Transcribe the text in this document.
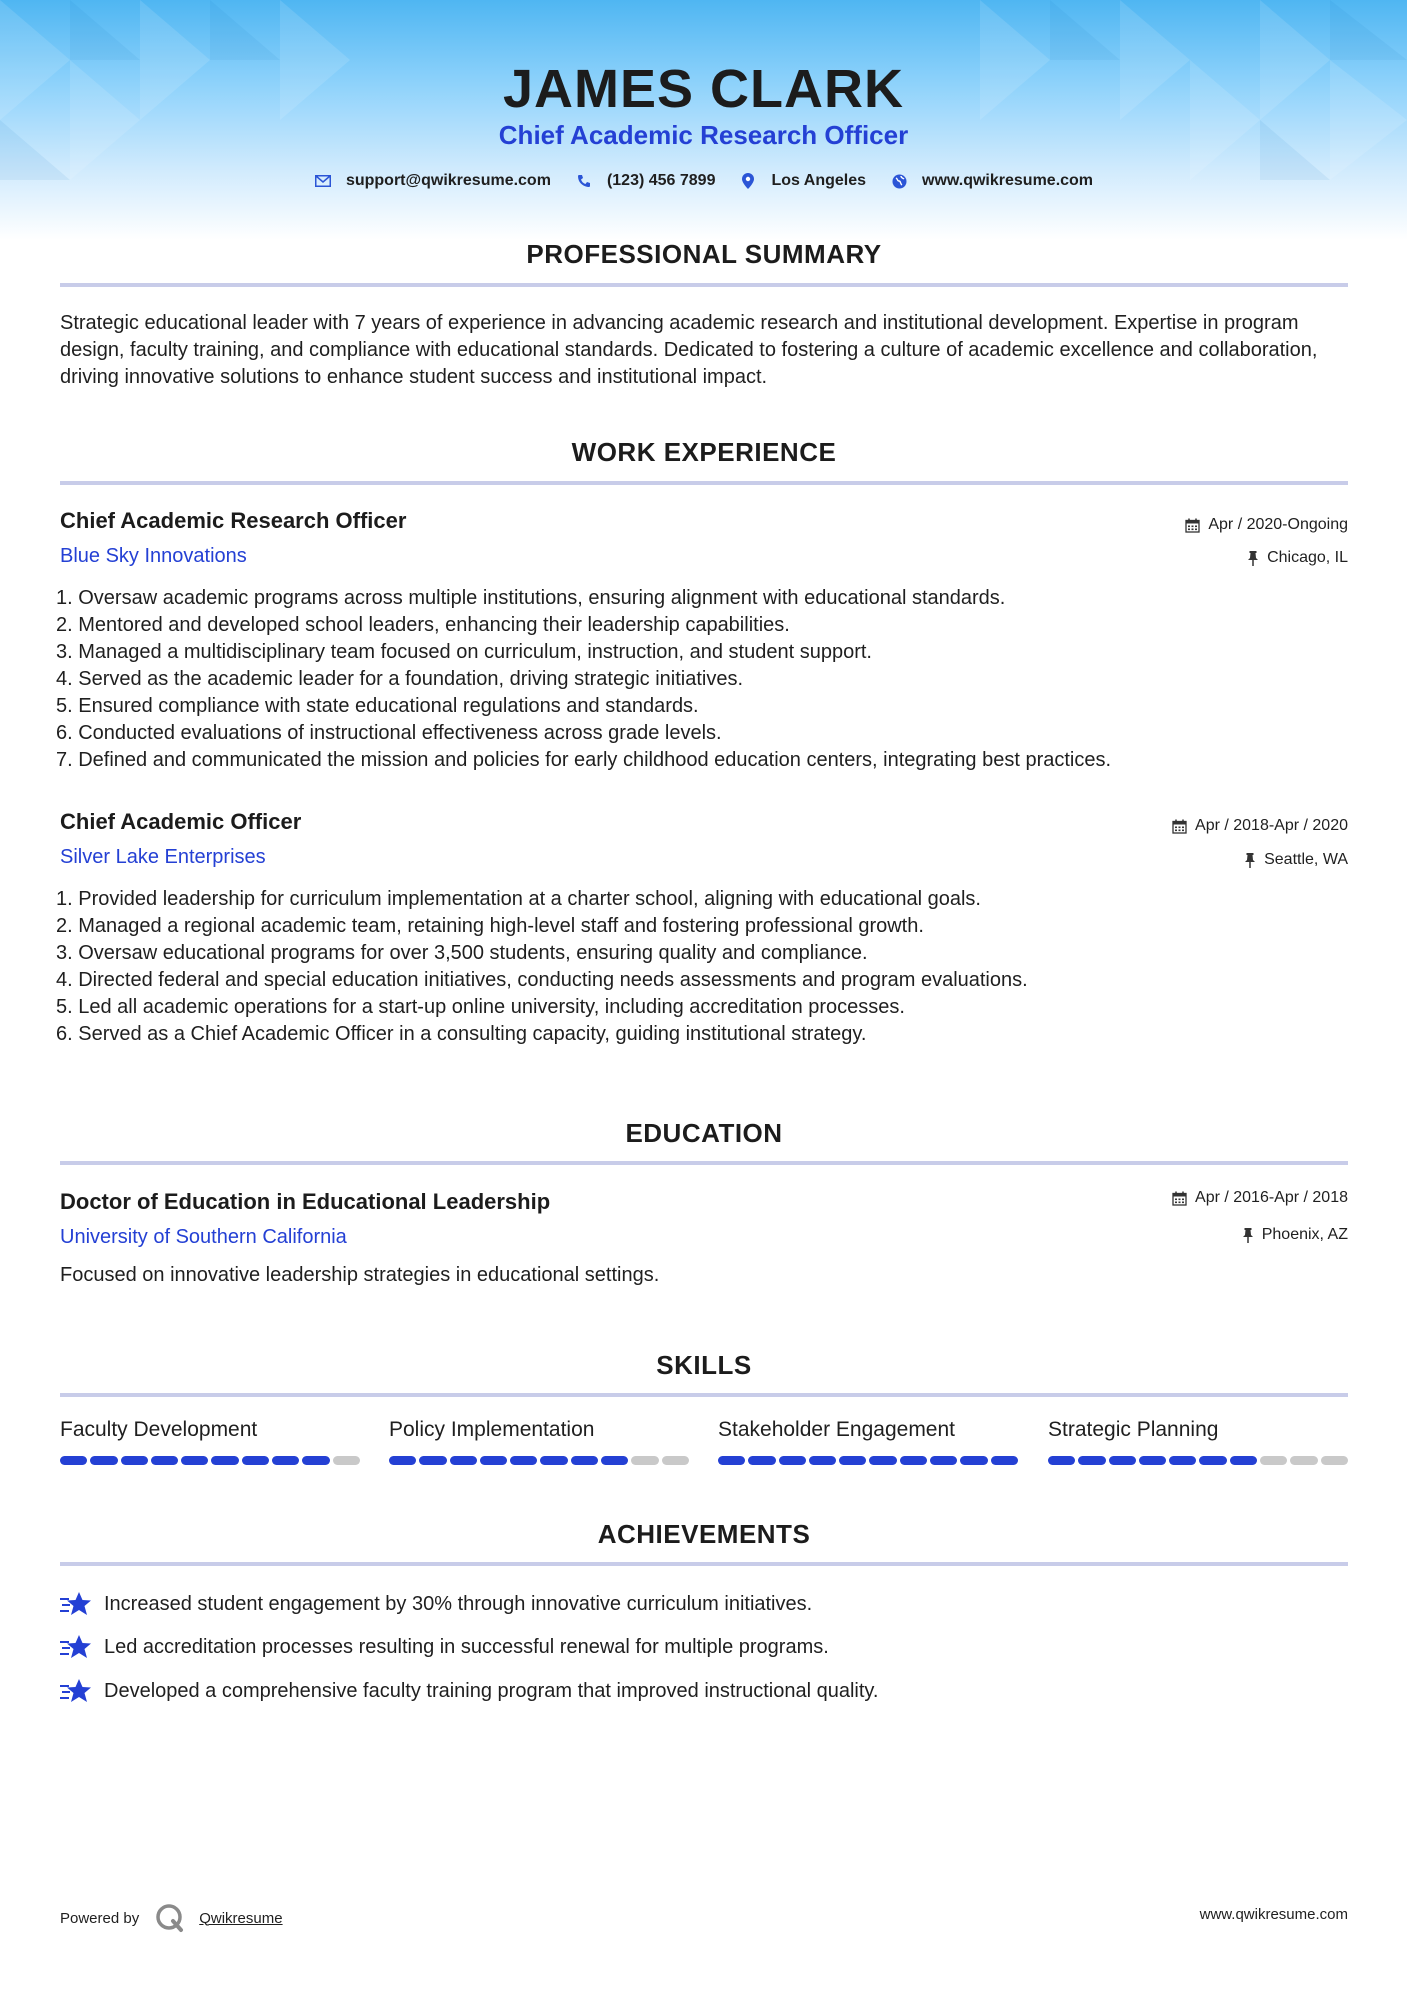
JAMES CLARK
Chief Academic Research Officer
support@qwikresume.com	(123) 456 7899	Los Angeles	www.qwikresume.com
PROFESSIONAL SUMMARY
Strategic educational leader with 7 years of experience in advancing academic research and institutional development. Expertise in program design, faculty training, and compliance with educational standards. Dedicated to fostering a culture of academic excellence and collaboration, driving innovative solutions to enhance student success and institutional impact.
WORK EXPERIENCE
Chief Academic Research Officer	Apr / 2020-Ongoing
Blue Sky Innovations	Chicago, IL
1. Oversaw academic programs across multiple institutions, ensuring alignment with educational standards.
2. Mentored and developed school leaders, enhancing their leadership capabilities.
3. Managed a multidisciplinary team focused on curriculum, instruction, and student support.
4. Served as the academic leader for a foundation, driving strategic initiatives.
5. Ensured compliance with state educational regulations and standards.
6. Conducted evaluations of instructional effectiveness across grade levels.
7. Defined and communicated the mission and policies for early childhood education centers, integrating best practices.
Chief Academic Officer	Apr / 2018-Apr / 2020
Silver Lake Enterprises	Seattle, WA
1. Provided leadership for curriculum implementation at a charter school, aligning with educational goals.
2. Managed a regional academic team, retaining high-level staff and fostering professional growth.
3. Oversaw educational programs for over 3,500 students, ensuring quality and compliance.
4. Directed federal and special education initiatives, conducting needs assessments and program evaluations.
5. Led all academic operations for a start-up online university, including accreditation processes.
6. Served as a Chief Academic Officer in a consulting capacity, guiding institutional strategy.
EDUCATION
Doctor of Education in Educational Leadership	Apr / 2016-Apr / 2018
University of Southern California	Phoenix, AZ
Focused on innovative leadership strategies in educational settings.
SKILLS
Faculty Development	Policy Implementation	Stakeholder Engagement	Strategic Planning
ACHIEVEMENTS
Increased student engagement by 30% through innovative curriculum initiatives.
Led accreditation processes resulting in successful renewal for multiple programs.
Developed a comprehensive faculty training program that improved instructional quality.
Powered by	Qwikresume	www.qwikresume.com
